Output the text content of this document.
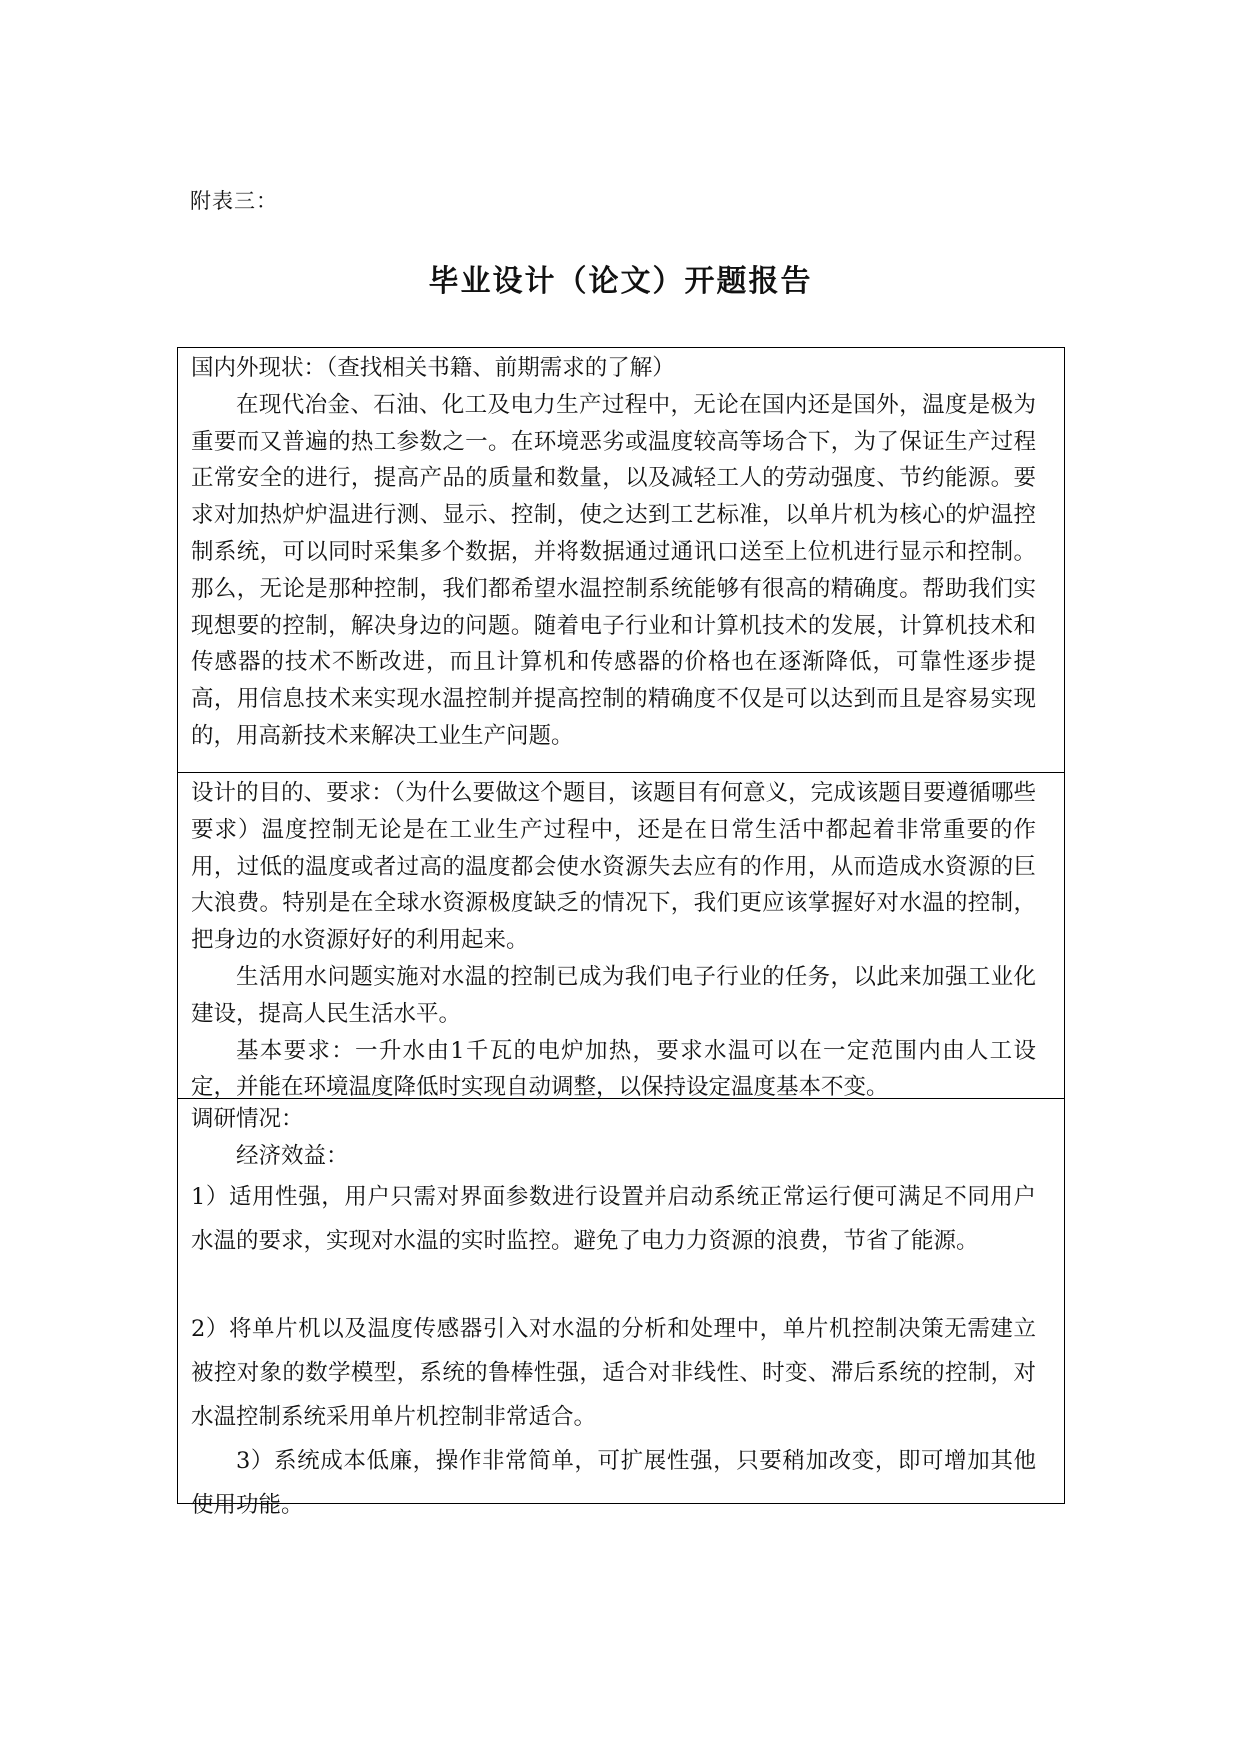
附表三：
毕业设计（论文）开题报告

国内外现状：（查找相关书籍、前期需求的了解）

在现代冶金、石油、化工及电力生产过程中，无论在国内还是国外，温度是极为重要而又普遍的热工参数之一。在环境恶劣或温度较高等场合下，为了保证生产过程正常安全的进行，提高产品的质量和数量，以及减轻工人的劳动强度、节约能源。要求对加热炉炉温进行测、显示、控制，使之达到工艺标准，以单片机为核心的炉温控制系统，可以同时采集多个数据，并将数据通过通讯口送至上位机进行显示和控制。那么，无论是那种控制，我们都希望水温控制系统能够有很高的精确度。帮助我们实现想要的控制，解决身边的问题。随着电子行业和计算机技术的发展，计算机技术和传感器的技术不断改进，而且计算机和传感器的价格也在逐渐降低，可靠性逐步提高，用信息技术来实现水温控制并提高控制的精确度不仅是可以达到而且是容易实现的，用高新技术来解决工业生产问题。

设计的目的、要求：（为什么要做这个题目，该题目有何意义，完成该题目要遵循哪些要求）温度控制无论是在工业生产过程中，还是在日常生活中都起着非常重要的作用，过低的温度或者过高的温度都会使水资源失去应有的作用，从而造成水资源的巨大浪费。特别是在全球水资源极度缺乏的情况下，我们更应该掌握好对水温的控制，把身边的水资源好好的利用起来。

生活用水问题实施对水温的控制已成为我们电子行业的任务，以此来加强工业化建设，提高人民生活水平。

基本要求：一升水由1千瓦的电炉加热，要求水温可以在一定范围内由人工设定，并能在环境温度降低时实现自动调整，以保持设定温度基本不变。

调研情况：

经济效益：

1）适用性强，用户只需对界面参数进行设置并启动系统正常运行便可满足不同用户水温的要求，实现对水温的实时监控。避免了电力力资源的浪费，节省了能源。

2）将单片机以及温度传感器引入对水温的分析和处理中，单片机控制决策无需建立被控对象的数学模型，系统的鲁棒性强，适合对非线性、时变、滞后系统的控制，对水温控制系统采用单片机控制非常适合。

3）系统成本低廉，操作非常简单，可扩展性强，只要稍加改变，即可增加其他使用功能。
